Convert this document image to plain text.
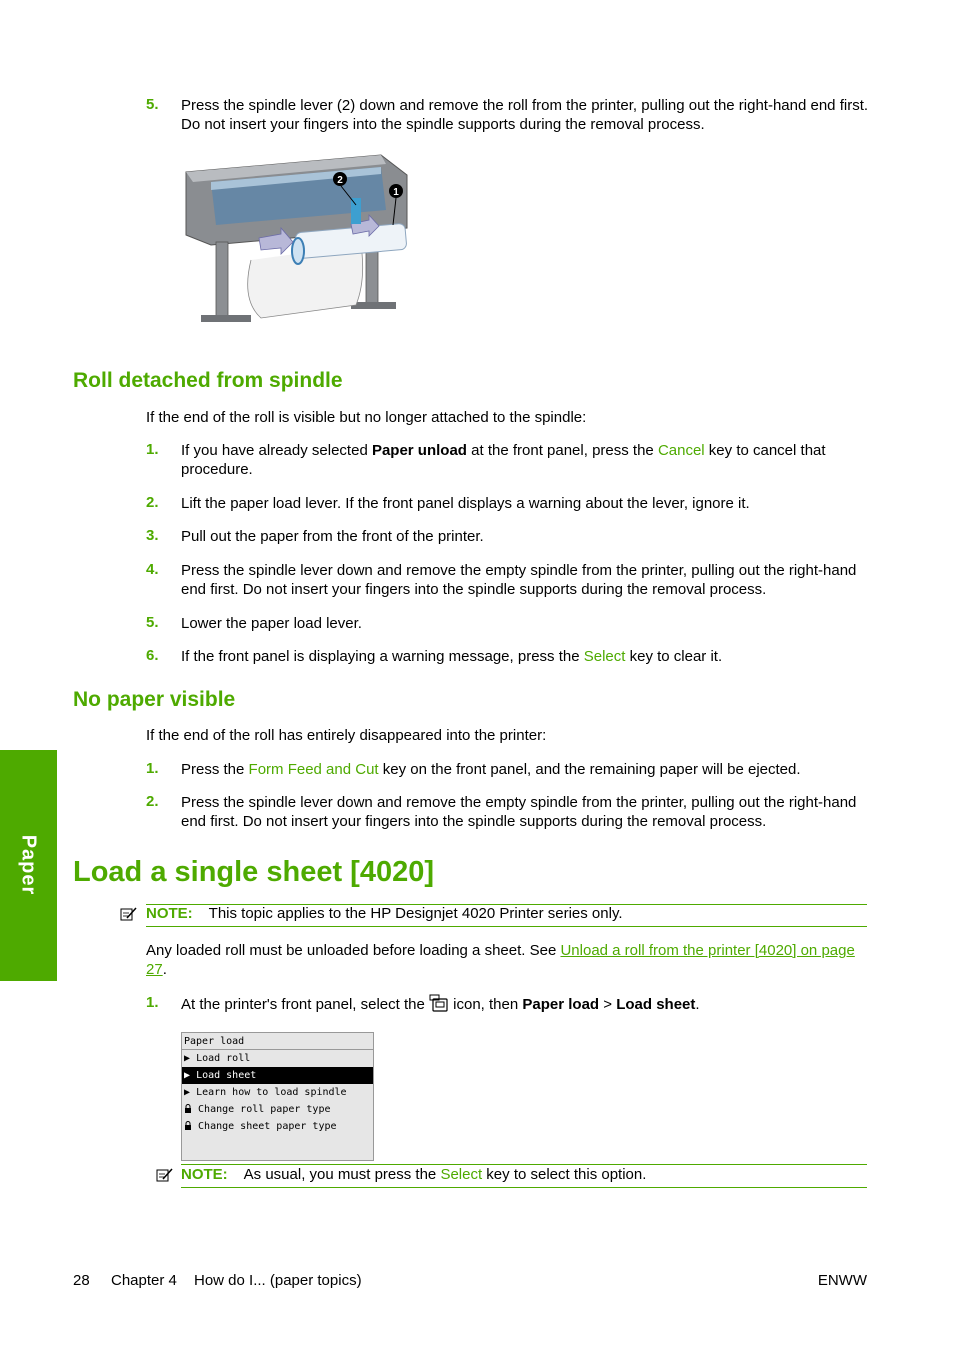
5. Press the spindle lever (2) down and remove the roll from the printer, pulling out the right-hand end first. Do not insert your fingers into the spindle supports during the removal process.
2
1
Roll detached from spindle
If the end of the roll is visible but no longer attached to the spindle:
1. If you have already selected Paper unload at the front panel, press the Cancel key to cancel that procedure.
2. Lift the paper load lever. If the front panel displays a warning about the lever, ignore it.
3. Pull out the paper from the front of the printer.
4. Press the spindle lever down and remove the empty spindle from the printer, pulling out the right-hand end first. Do not insert your fingers into the spindle supports during the removal process.
5. Lower the paper load lever.
6. If the front panel is displaying a warning message, press the Select key to clear it.
No paper visible
If the end of the roll has entirely disappeared into the printer:
1. Press the Form Feed and Cut key on the front panel, and the remaining paper will be ejected.
2. Press the spindle lever down and remove the empty spindle from the printer, pulling out the right-hand end first. Do not insert your fingers into the spindle supports during the removal process.
Paper Load a single sheet [4020]
NOTE: This topic applies to the HP Designjet 4020 Printer series only.
Any loaded roll must be unloaded before loading a sheet. See Unload a roll from the printer [4020] on page 27.
1. At the printer's front panel, select the  icon, then Paper load > Load sheet.
Paper load
▶ Load roll
▶ Load sheet
▶ Learn how to load spindle
Change roll paper type
Change sheet paper type
NOTE: As usual, you must press the Select key to select this option.
28 Chapter 4 How do I... (paper topics)	ENWW
